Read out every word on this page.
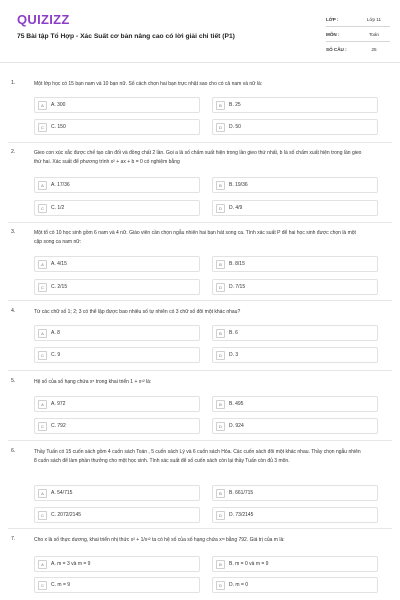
QUIZIZZ
75 Bài tập Tổ Hợp - Xác Suất cơ bản nâng cao có lời giải chi tiết (P1)
LỚP :	Lớp 11
MÔN :	Toán
SỐ CÂU :	25
1.	Một lớp học có 15 bạn nam và 10 bạn nữ. Số cách chọn hai bạn trực nhật sao cho có cả nam và nữ là:
A	A. 300	B	B. 25
C	C. 150	D	D. 50
2.	Gieo con xúc xắc được chế tạo cân đối và đồng chất 2 lần. Gọi a là số chấm xuất hiện trong lần gieo thứ nhất, b là số chấm xuất hiện trong lần gieo thứ hai. Xác suất để phương trình x² + ax + b = 0 có nghiệm bằng
A	A. 17/36	B	B. 19/36
C	C. 1/2	D	D. 4/9
3.	Một tổ có 10 học sinh gồm 6 nam và 4 nữ. Giáo viên cần chọn ngẫu nhiên hai bạn hát song ca. Tính xác suất P để hai học sinh được chọn là một cặp song ca nam nữ:
A	A. 4/15	B	B. 8/15
C	C. 2/15	D	D. 7/15
4.	Từ các chữ số 1; 2; 3 có thể lập được bao nhiêu số tự nhiên có 3 chữ số đôi một khác nhau?
A	A. 8	B	B. 6
C	C. 9	D	D. 3
5.	Hệ số của số hạng chứa x⁵ trong khai triển 1 + x¹² là:
A	A. 972	B	B. 495
C	C. 792	D	D. 924
6.	Thầy Tuấn có 15 cuốn sách gồm 4 cuốn sách Toán , 5 cuốn sách Lý và 6 cuốn sách Hóa. Các cuốn sách đôi một khác nhau. Thầy chọn ngẫu nhiên 8 cuốn sách để làm phần thưởng cho một học sinh. Tính xác suất để số cuốn sách còn lại thầy Tuấn còn đủ 3 môn.
A	A. 54/715	B	B. 661/715
C	C. 2072/2145	D	D. 73/2145
7.	Cho x là số thực dương, khai triển nhị thức x² + 1/x¹² ta có hệ số của số hạng chứa xᵐ bằng 792. Giá trị của m là:
A	A. m = 3 và m = 9	B	B. m = 0 và m = 9
C	C. m = 9	D	D. m = 0
